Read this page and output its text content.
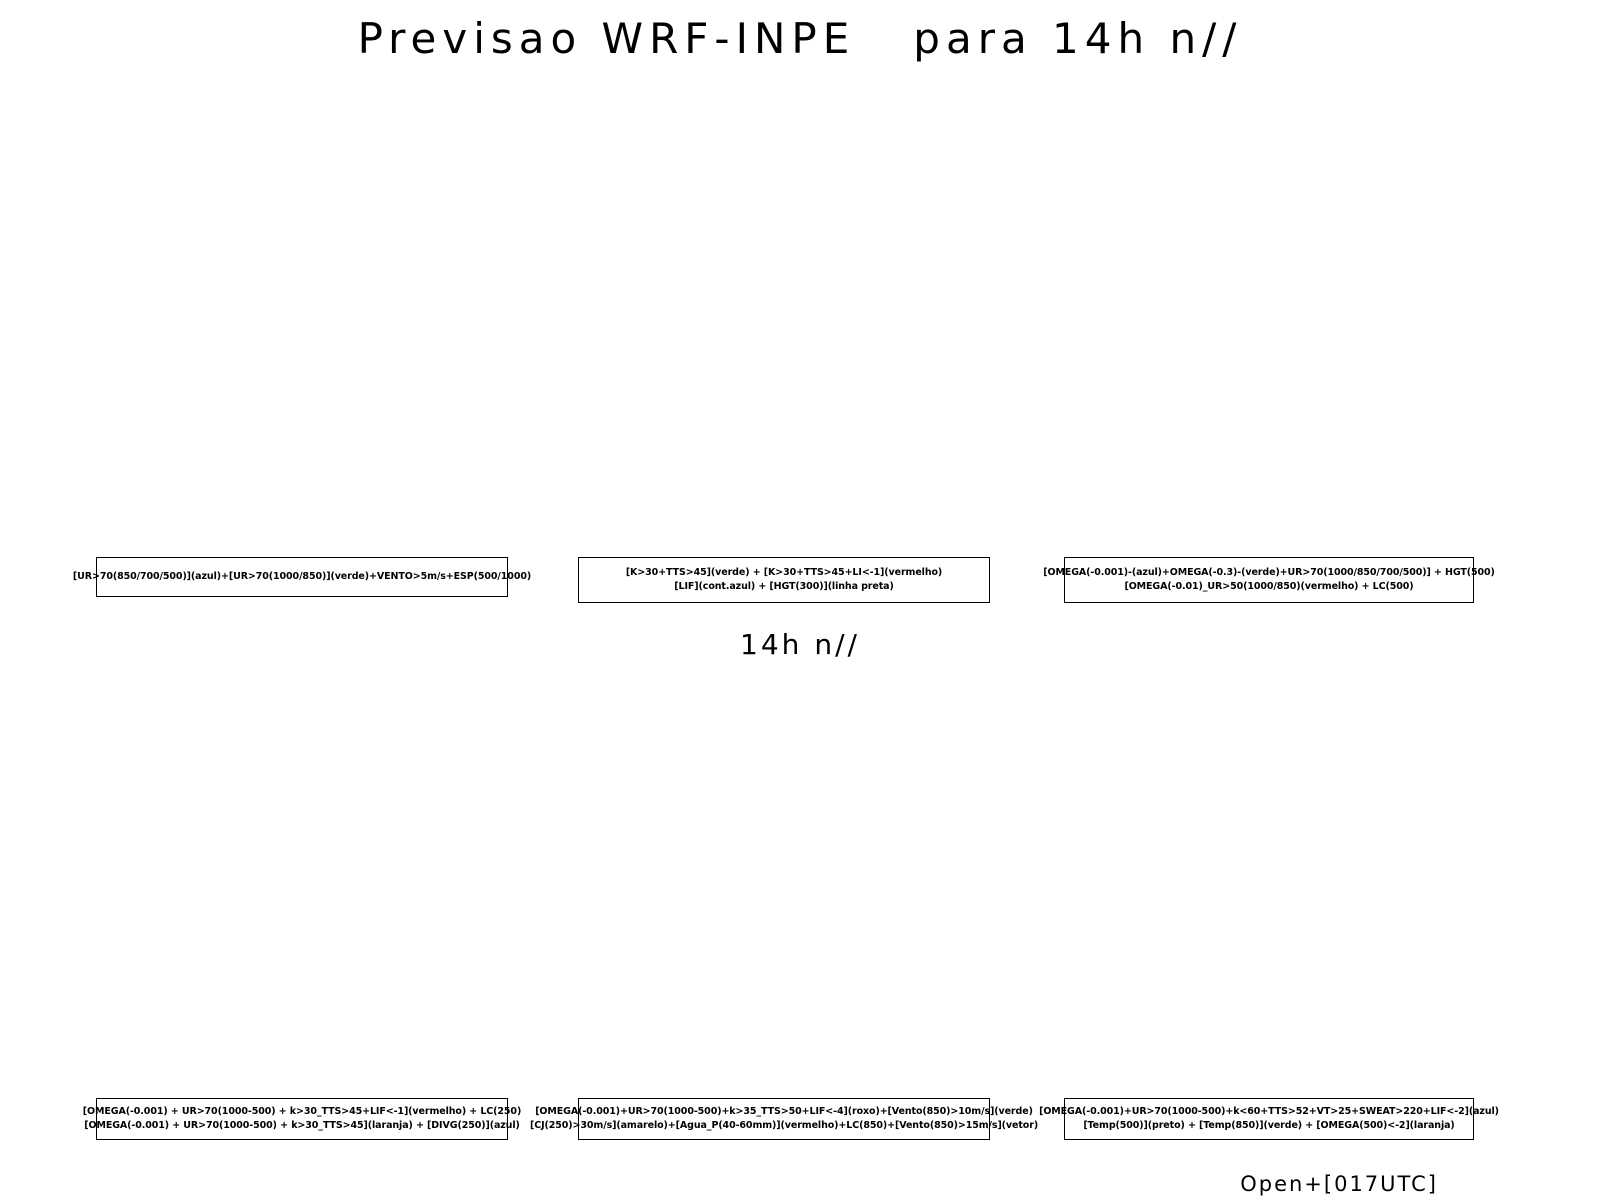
Previsao WRF-INPE   para 14h n//
[UR>70(850/700/500)](azul)+[UR>70(1000/850)](verde)+VENTO>5m/s+ESP(500/1000)	[K>30+TTS>45](verde) + [K>30+TTS>45+LI<-1](vermelho)
[LIF](cont.azul) + [HGT(300)](linha preta)
[OMEGA(-0.001)-(azul)+OMEGA(-0.3)-(verde)+UR>70(1000/850/700/500)] + HGT(500)
[OMEGA(-0.01)_UR>50(1000/850)(vermelho) + LC(500)
14h n//
[OMEGA(-0.001) + UR>70(1000-500) + k>30_TTS>45+LIF<-1](vermelho) + LC(250)
[OMEGA(-0.001) + UR>70(1000-500) + k>30_TTS>45](laranja) + [DIVG(250)](azul)
[OMEGA(-0.001)+UR>70(1000-500)+k>35_TTS>50+LIF<-4](roxo)+[Vento(850)>10m/s](verde)
[CJ(250)>30m/s](amarelo)+[Agua_P(40-60mm)](vermelho)+LC(850)+[Vento(850)>15m/s](vetor)
[OMEGA(-0.001)+UR>70(1000-500)+k<60+TTS>52+VT>25+SWEAT>220+LIF<-2](azul)
[Temp(500)](preto) + [Temp(850)](verde) + [OMEGA(500)<-2](laranja)
Open+[017UTC]
